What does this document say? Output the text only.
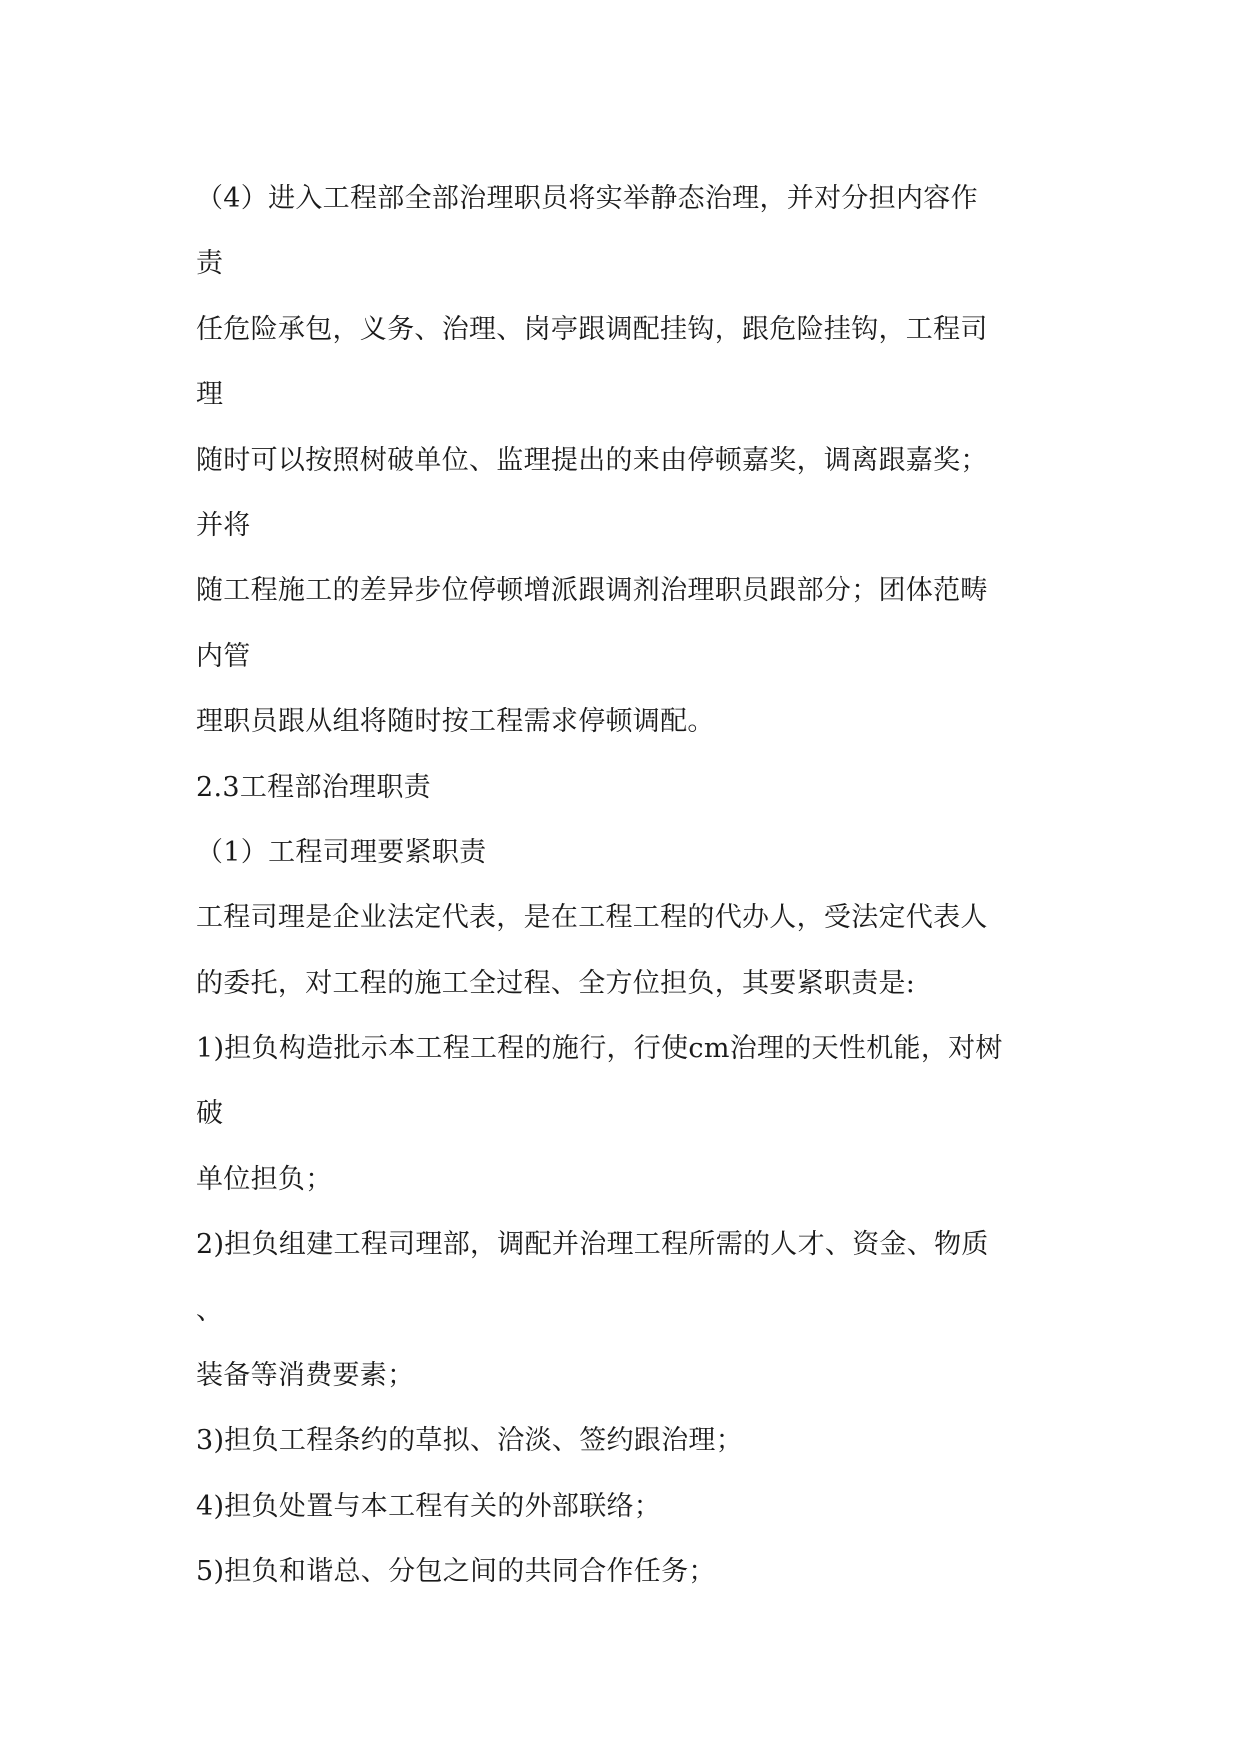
（4）进入工程部全部治理职员将实举静态治理，并对分担内容作
责
任危险承包，义务、治理、岗亭跟调配挂钩，跟危险挂钩，工程司
理
随时可以按照树破单位、监理提出的来由停顿嘉奖，调离跟嘉奖；
并将
随工程施工的差异步位停顿增派跟调剂治理职员跟部分；团体范畴
内管
理职员跟从组将随时按工程需求停顿调配。
2.3工程部治理职责
（1）工程司理要紧职责
工程司理是企业法定代表，是在工程工程的代办人，受法定代表人
的委托，对工程的施工全过程、全方位担负，其要紧职责是:
1)担负构造批示本工程工程的施行，行使cm治理的天性机能，对树
破
单位担负；
2)担负组建工程司理部，调配并治理工程所需的人才、资金、物质
、
装备等消费要素；
3)担负工程条约的草拟、洽淡、签约跟治理；
4)担负处置与本工程有关的外部联络；
5)担负和谐总、分包之间的共同合作任务；
